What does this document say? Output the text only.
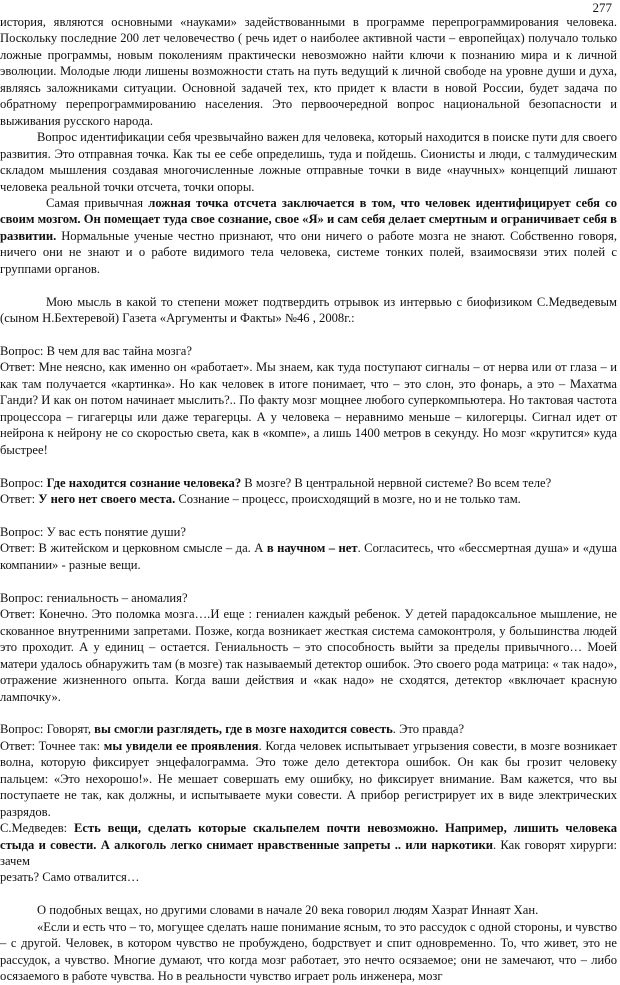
277

история, являются основными «науками» задействованными в программе перепрограммирования человека. Поскольку последние 200 лет человечество ( речь идет о наиболее активной части – европейцах) получало только ложные программы, новым поколениям практически невозможно найти ключи к познанию мира и к личной эволюции. Молодые люди лишены возможности стать на путь ведущий к личной свободе на уровне души и духа, являясь заложниками ситуации. Основной задачей тех, кто придет к власти в новой России, будет задача по обратному перепрограммированию населения. Это первоочередной вопрос национальной безопасности и выживания русского народа.

Вопрос идентификации себя чрезвычайно важен для человека, который находится в поиске пути для своего развития. Это отправная точка. Как ты ее себе определишь, туда и пойдешь. Сионисты и люди, с талмудическим складом мышления создавая многочисленные ложные отправные точки в виде «научных» концепций лишают человека реальной точки отсчета, точки опоры.

Самая привычная ложная точка отсчета заключается в том, что человек идентифицирует себя со своим мозгом. Он помещает туда свое сознание, свое «Я» и сам себя делает смертным и ограничивает себя в развитии. Нормальные ученые честно признают, что они ничего о работе мозга не знают. Собственно говоря, ничего они не знают и о работе видимого тела человека, системе тонких полей, взаимосвязи этих полей с группами органов.

Мою мысль в какой то степени может подтвердить отрывок из интервью с биофизиком С.Медведевым (сыном Н.Бехтеревой) Газета «Аргументы и Факты» №46 , 2008г.:

Вопрос: В чем для вас тайна мозга?

Ответ: Мне неясно, как именно он «работает». Мы знаем, как туда поступают сигналы – от нерва или от глаза – и как там получается «картинка». Но как человек в итоге понимает, что – это слон, это фонарь, а это – Махатма Ганди? И как он потом начинает мыслить?.. По факту мозг мощнее любого суперкомпьютера. Но тактовая частота процессора – гигагерцы или даже терагерцы. А у человека – неравнимо меньше – килогерцы. Сигнал идет от нейрона к нейрону не со скоростью света, как в «компе», а лишь 1400 метров в секунду. Но мозг «крутится» куда быстрее!

Вопрос: Где находится сознание человека? В мозге? В центральной нервной системе? Во всем теле?

Ответ: У него нет своего места. Сознание – процесс, происходящий в мозге, но и не только там.

Вопрос: У вас есть понятие души?

Ответ: В житейском и церковном смысле – да. А в научном – нет. Согласитесь, что «бессмертная душа» и «душа компании» - разные вещи.

Вопрос: гениальность – аномалия?

Ответ: Конечно. Это поломка мозга….И еще : гениален каждый ребенок. У детей парадоксальное мышление, не скованное внутренними запретами. Позже, когда возникает жесткая система самоконтроля, у большинства людей это проходит. А у единиц – остается. Гениальность – это способность выйти за пределы привычного… Моей матери удалось обнаружить там (в мозге) так называемый детектор ошибок. Это своего рода матрица: « так надо», отражение жизненного опыта. Когда ваши действия и «как надо» не сходятся, детектор «включает красную лампочку».

Вопрос: Говорят, вы смогли разглядеть, где в мозге находится совесть. Это правда?

Ответ: Точнее так: мы увидели ее проявления. Когда человек испытывает угрызения совести, в мозге возникает волна, которую фиксирует энцефалограмма. Это тоже дело детектора ошибок. Он как бы грозит человеку пальцем: «Это нехорошо!». Не мешает совершать ему ошибку, но фиксирует внимание. Вам кажется, что вы поступаете не так, как должны, и испытываете муки совести. А прибор регистрирует их в виде электрических разрядов.

С.Медведев: Есть вещи, сделать которые скальпелем почти невозможно. Например, лишить человека стыда и совести. А алкоголь легко снимает нравственные запреты .. или наркотики. Как говорят хирурги: зачем

резать? Само отвалится…

О подобных вещах, но другими словами в начале 20 века говорил людям Хазрат Иннаят Хан.

«Если и есть что – то, могущее сделать наше понимание ясным, то это рассудок с одной стороны, и чувство – с другой. Человек, в котором чувство не пробуждено, бодрствует и спит одновременно. То, что живет, это не рассудок, а чувство. Многие думают, что когда мозг работает, это нечто осязаемое; они не замечают, что – либо осязаемого в работе чувства. Но в реальности чувство играет роль инженера, мозг
